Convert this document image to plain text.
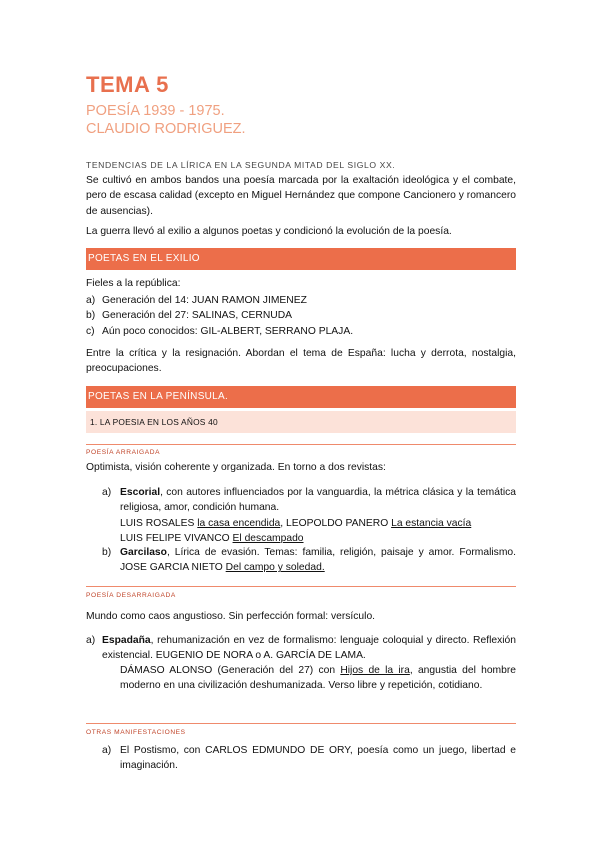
TEMA 5
POESÍA 1939 - 1975.
CLAUDIO RODRIGUEZ.
TENDENCIAS DE LA LÍRICA EN LA SEGUNDA MITAD DEL SIGLO XX.
Se cultivó en ambos bandos una poesía marcada por la exaltación ideológica y el combate, pero de escasa calidad (excepto en Miguel Hernández que compone Cancionero y romancero de ausencias).
La guerra llevó al exilio a algunos poetas y condicionó la evolución de la poesía.
POETAS EN EL EXILIO
Fieles a la república:
a) Generación del 14: JUAN RAMON JIMENEZ
b) Generación del 27: SALINAS, CERNUDA
c) Aún poco conocidos: GIL-ALBERT, SERRANO PLAJA.
Entre la crítica y la resignación. Abordan el tema de España: lucha y derrota, nostalgia, preocupaciones.
POETAS EN LA PENÍNSULA.
1. LA POESIA EN LOS AÑOS 40
POESÍA ARRAIGADA
Optimista, visión coherente y organizada. En torno a dos revistas:
a) Escorial, con autores influenciados por la vanguardia, la métrica clásica y la temática religiosa, amor, condición humana.
LUIS ROSALES la casa encendida, LEOPOLDO PANERO La estancia vacía
LUIS FELIPE VIVANCO El descampado
b) Garcilaso, Lírica de evasión. Temas: familia, religión, paisaje y amor. Formalismo. JOSE GARCIA NIETO Del campo y soledad.
POESÍA DESARRAIGADA
Mundo como caos angustioso. Sin perfección formal: versículo.
a) Espadaña, rehumanización en vez de formalismo: lenguaje coloquial y directo. Reflexión existencial. EUGENIO DE NORA o A. GARCÍA DE LAMA.
DÁMASO ALONSO (Generación del 27) con Hijos de la ira, angustia del hombre moderno en una civilización deshumanizada. Verso libre y repetición, cotidiano.
OTRAS MANIFESTACIONES
a) El Postismo, con CARLOS EDMUNDO DE ORY, poesía como un juego, libertad e imaginación.
